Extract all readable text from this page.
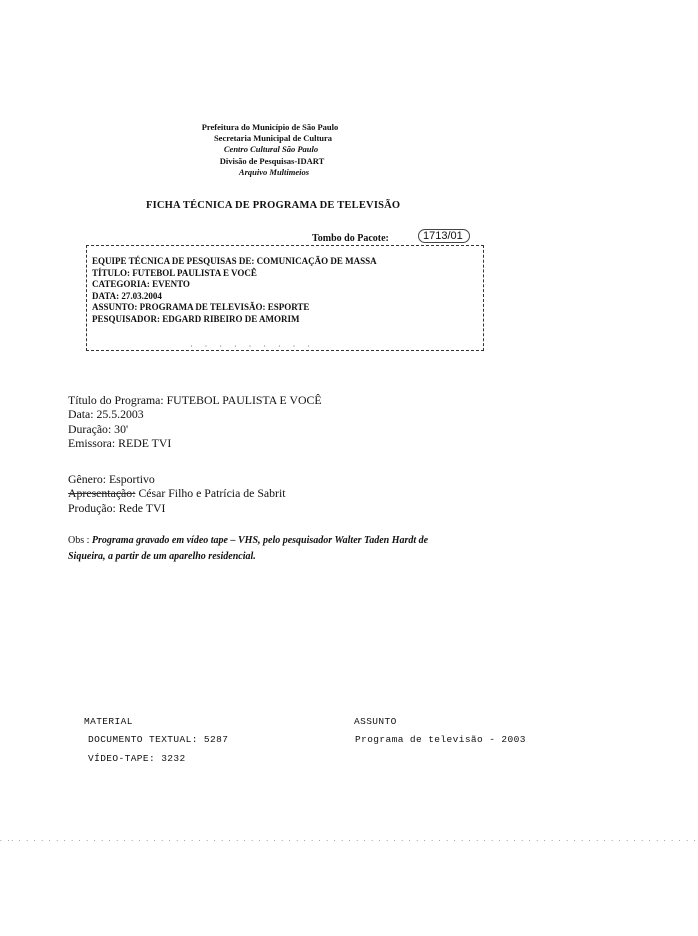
Prefeitura do Município de São Paulo
Secretaria Municipal de Cultura
Centro Cultural São Paulo
Divisão de Pesquisas-IDART
Arquivo Multimeios
FICHA TÉCNICA DE PROGRAMA DE TELEVISÃO
Tombo do Pacote:	1713/01
EQUIPE TÉCNICA DE PESQUISAS DE: COMUNICAÇÃO DE MASSA
TÍTULO: FUTEBOL PAULISTA E VOCÊ
CATEGORIA: EVENTO
DATA: 27.03.2004
ASSUNTO: PROGRAMA DE TELEVISÃO: ESPORTE
PESQUISADOR: EDGARD RIBEIRO DE AMORIM
· · · · · · · · ·
Título do Programa: FUTEBOL PAULISTA E VOCÊ
Data: 25.5.2003
Duração: 30'
Emissora: REDE TVI
Gênero: Esportivo
Apresentação: César Filho e Patrícia de Sabrit
Produção: Rede TVI
Obs : Programa gravado em vídeo tape – VHS, pelo pesquisador Walter Taden Hardt de
Siqueira, a partir de um aparelho residencial.
MATERIAL
DOCUMENTO TEXTUAL: 5287
VÍDEO-TAPE: 3232
ASSUNTO
Programa de televisão - 2003
. .. . . . . . . . . . . . . . . . . . . . . . . . . . . . . . . . . . . . . . . . . . . . . . . . . . . . . . . . . . . . . . . . . . . . . . . . . . . . . . . . . . . . . . . . . . . .
